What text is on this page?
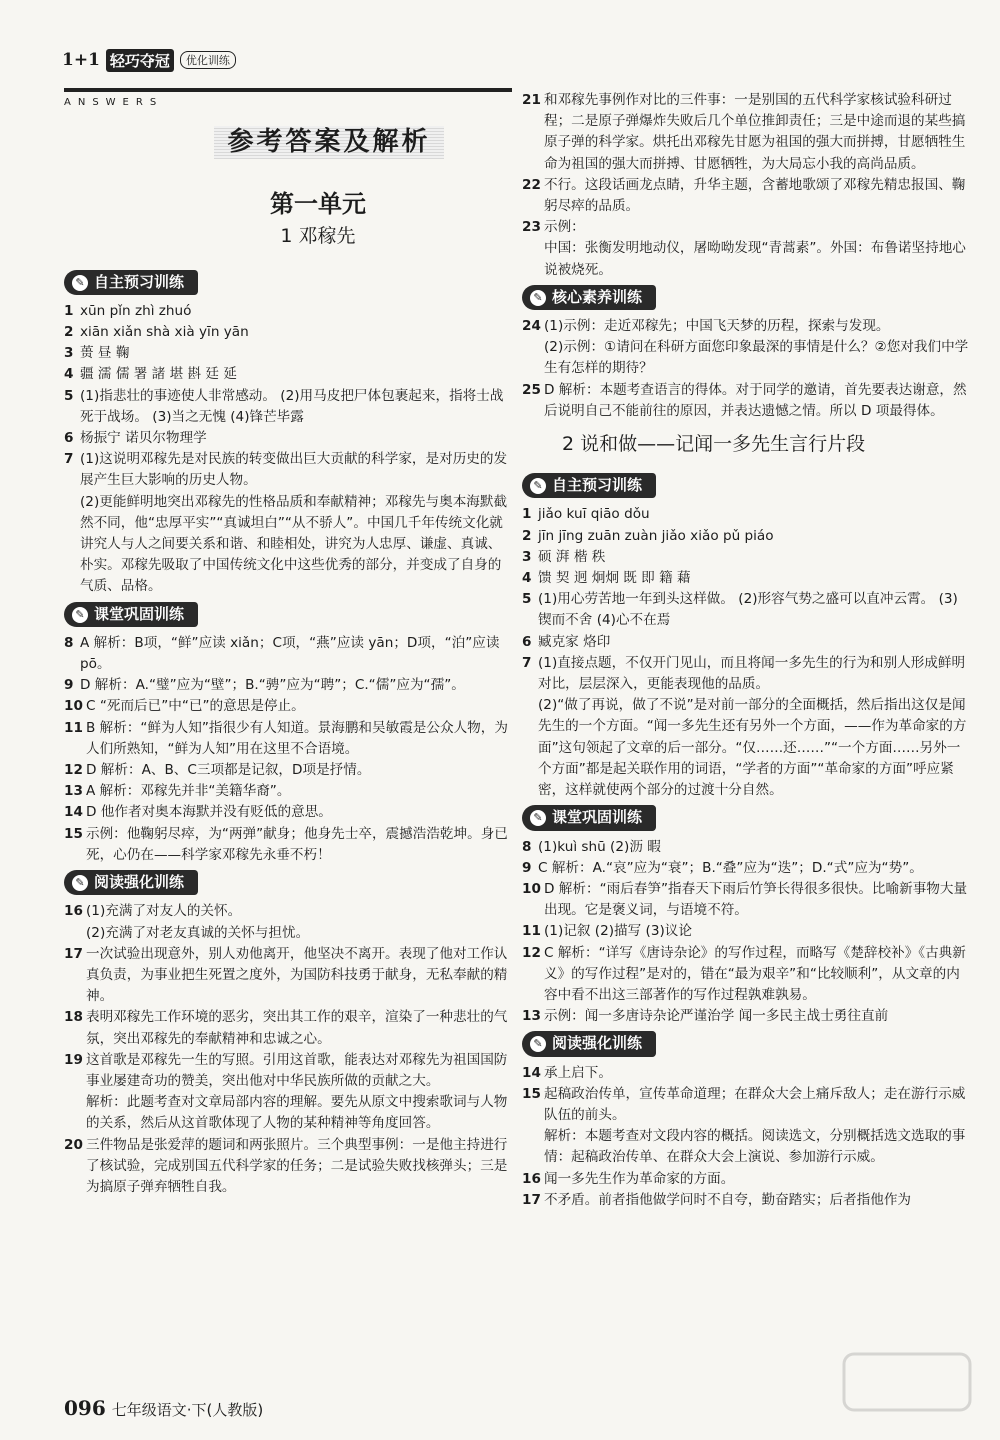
1+1 轻巧夺冠	优化训练
ANSWERS
参考答案及解析
第一单元
1 邓稼先
✎ 自主预习训练
1 xūn pǐn zhì zhuó
2 xiān xiǎn shà xià yīn yān
3 蒉 昼 鞠
4 疆 濡 儒 署 諸 堪 斟 廷 延
5 (1)指悲壮的事迹使人非常感动。 (2)用马皮把尸体包裹起来，指将士战死于战场。 (3)当之无愧 (4)锋芒毕露
6 杨振宁 诺贝尔物理学
7 (1)这说明邓稼先是对民族的转变做出巨大贡献的科学家，是对历史的发展产生巨大影响的历史人物。
(2)更能鲜明地突出邓稼先的性格品质和奉献精神；邓稼先与奥本海默截然不同，他“忠厚平实”“真诚坦白”“从不骄人”。中国几千年传统文化就讲究人与人之间要关系和谐、和睦相处，讲究为人忠厚、谦虚、真诚、朴实。邓稼先吸取了中国传统文化中这些优秀的部分，并变成了自身的气质、品格。
✎ 课堂巩固训练
8 A 解析：B项，“鲜”应读 xiǎn；C项，“燕”应读 yān；D项，“泊”应读 pō。
9 D 解析：A.“璧”应为“壁”；B.“骋”应为“聘”；C.“儒”应为“孺”。
10 C “死而后已”中“已”的意思是停止。
11 B 解析：“鲜为人知”指很少有人知道。景海鹏和吴敏霞是公众人物，为人们所熟知，“鲜为人知”用在这里不合语境。
12 D 解析：A、B、C三项都是记叙，D项是抒情。
13 A 解析：邓稼先并非“美籍华裔”。
14 D 他作者对奥本海默并没有贬低的意思。
15 示例：他鞠躬尽瘁，为“两弹”献身；他身先士卒，震撼浩浩乾坤。身已死，心仍在——科学家邓稼先永垂不朽！
✎ 阅读强化训练
16 (1)充满了对友人的关怀。
(2)充满了对老友真诚的关怀与担忧。
17 一次试验出现意外，别人劝他离开，他坚决不离开。表现了他对工作认真负责，为事业把生死置之度外，为国防科技勇于献身，无私奉献的精神。
18 表明邓稼先工作环境的恶劣，突出其工作的艰辛，渲染了一种悲壮的气氛，突出邓稼先的奉献精神和忠诚之心。
19 这首歌是邓稼先一生的写照。引用这首歌，能表达对邓稼先为祖国国防事业屡建奇功的赞美，突出他对中华民族所做的贡献之大。
解析：此题考查对文章局部内容的理解。要先从原文中搜索歌词与人物的关系，然后从这首歌体现了人物的某种精神等角度回答。
20 三件物品是张爱萍的题词和两张照片。三个典型事例：一是他主持进行了核试验，完成别国五代科学家的任务；二是试验失败找核弹头；三是为搞原子弹弃牺牲自我。
21 和邓稼先事例作对比的三件事：一是别国的五代科学家核试验科研过程；二是原子弹爆炸失败后几个单位推卸责任；三是中途而退的某些搞原子弹的科学家。烘托出邓稼先甘愿为祖国的强大而拼搏，甘愿牺牲生命为祖国的强大而拼搏、甘愿牺牲，为大局忘小我的高尚品质。
22 不行。这段话画龙点睛，升华主题，含蓄地歌颂了邓稼先精忠报国、鞠躬尽瘁的品质。
23 示例：
中国：张衡发明地动仪，屠呦呦发现“青蒿素”。外国：布鲁诺坚持地心说被烧死。
✎ 核心素养训练
24 (1)示例：走近邓稼先；中国飞天梦的历程，探索与发现。
(2)示例：①请问在科研方面您印象最深的事情是什么？②您对我们中学生有怎样的期待？
25 D 解析：本题考查语言的得体。对于同学的邀请，首先要表达谢意，然后说明自己不能前往的原因，并表达遗憾之情。所以 D 项最得体。
2 说和做——记闻一多先生言行片段
✎ 自主预习训练
1 jiǎo kuī qiāo dǒu
2 jīn jīng zuān zuàn jiǎo xiǎo pǔ piáo
3 硕 湃 楷 秩
4 馈 契 迥 炯炯 既 即 籍 藉
5 (1)用心劳苦地一年到头这样做。 (2)形容气势之盛可以直冲云霄。 (3)锲而不舍 (4)心不在焉
6 臧克家 烙印
7 (1)直接点题，不仅开门见山，而且将闻一多先生的行为和别人形成鲜明对比，层层深入，更能表现他的品质。
(2)“做了再说，做了不说”是对前一部分的全面概括，然后指出这仅是闻先生的一个方面。“闻一多先生还有另外一个方面，——作为革命家的方面”这句领起了文章的后一部分。“仅……还……”“一个方面……另外一个方面”都是起关联作用的词语，“学者的方面”“革命家的方面”呼应紧密，这样就使两个部分的过渡十分自然。
✎ 课堂巩固训练
8 (1)kuì shū (2)沥 暇
9 C 解析：A.“哀”应为“衰”；B.“叠”应为“迭”；D.“式”应为“势”。
10 D 解析：“雨后春笋”指春天下雨后竹笋长得很多很快。比喻新事物大量出现。它是褒义词，与语境不符。
11 (1)记叙 (2)描写 (3)议论
12 C 解析：“详写《唐诗杂论》的写作过程，而略写《楚辞校补》《古典新义》的写作过程”是对的，错在“最为艰辛”和“比较顺利”，从文章的内容中看不出这三部著作的写作过程孰难孰易。
13 示例：闻一多唐诗杂论严谨治学 闻一多民主战士勇往直前
✎ 阅读强化训练
14 承上启下。
15 起稿政治传单，宣传革命道理；在群众大会上痛斥敌人；走在游行示威队伍的前头。
解析：本题考查对文段内容的概括。阅读选文，分别概括选文选取的事情：起稿政治传单、在群众大会上演说、参加游行示威。
16 闻一多先生作为革命家的方面。
17 不矛盾。前者指他做学问时不自夸，勤奋踏实；后者指他作为
096 七年级语文·下(人教版)
